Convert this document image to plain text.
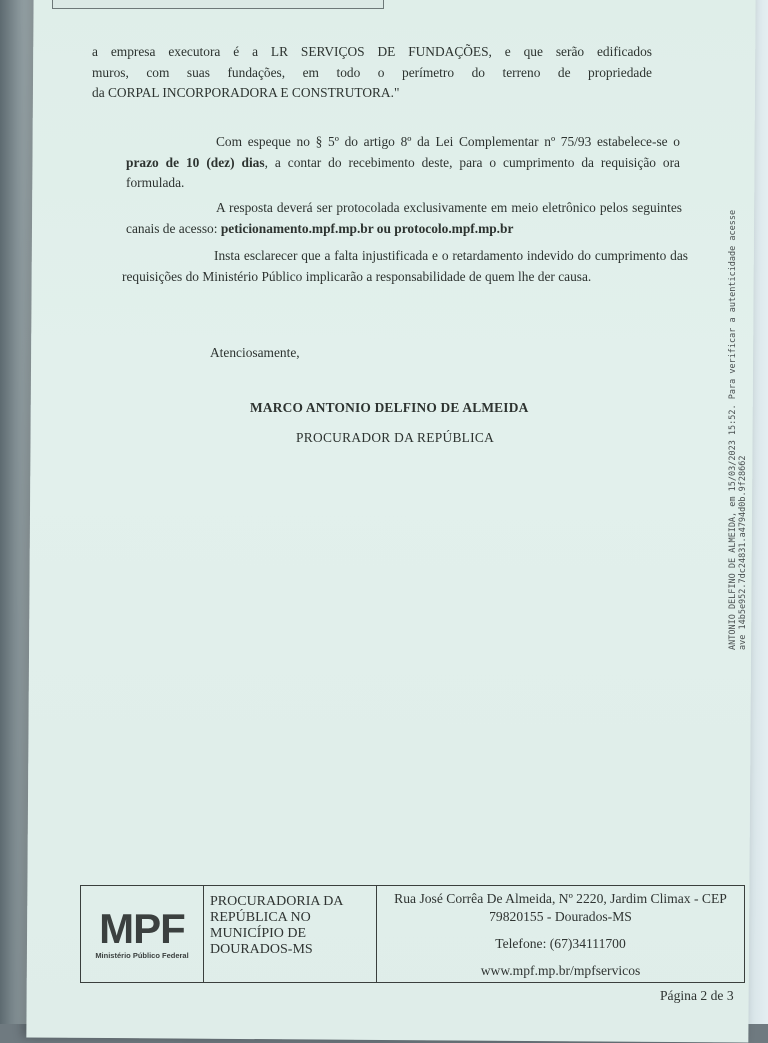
a empresa executora é a LR SERVIÇOS DE FUNDAÇÕES, e que serão edificados
muros, com suas fundações, em todo o perímetro do terreno de propriedade
da CORPAL INCORPORADORA E CONSTRUTORA."

Com espeque no § 5º do artigo 8º da Lei Complementar nº 75/93 estabelece-se o prazo de 10 (dez) dias, a contar do recebimento deste, para o cumprimento da requisição ora formulada.

A resposta deverá ser protocolada exclusivamente em meio eletrônico pelos seguintes canais de acesso: peticionamento.mpf.mp.br ou protocolo.mpf.mp.br

Insta esclarecer que a falta injustificada e o retardamento indevido do cumprimento das requisições do Ministério Público implicarão a responsabilidade de quem lhe der causa.

Atenciosamente,
MARCO ANTONIO DELFINO DE ALMEIDA
PROCURADOR DA REPÚBLICA	ANTONIO DELFINO DE ALMEIDA, em 15/03/2023 15:52. Para verificar a autenticidade acesse ave 14b5e952.7dc24831.a4794d0b.9f28662
MPF
Ministério Público Federal
PROCURADORIA DA REPÚBLICA NO MUNICÍPIO DE DOURADOS-MS
Rua José Corrêa De Almeida, Nº 2220, Jardim Climax - CEP
79820155 - Dourados-MS
Telefone: (67)34111700
www.mpf.mp.br/mpfservicos
Página 2 de 3
